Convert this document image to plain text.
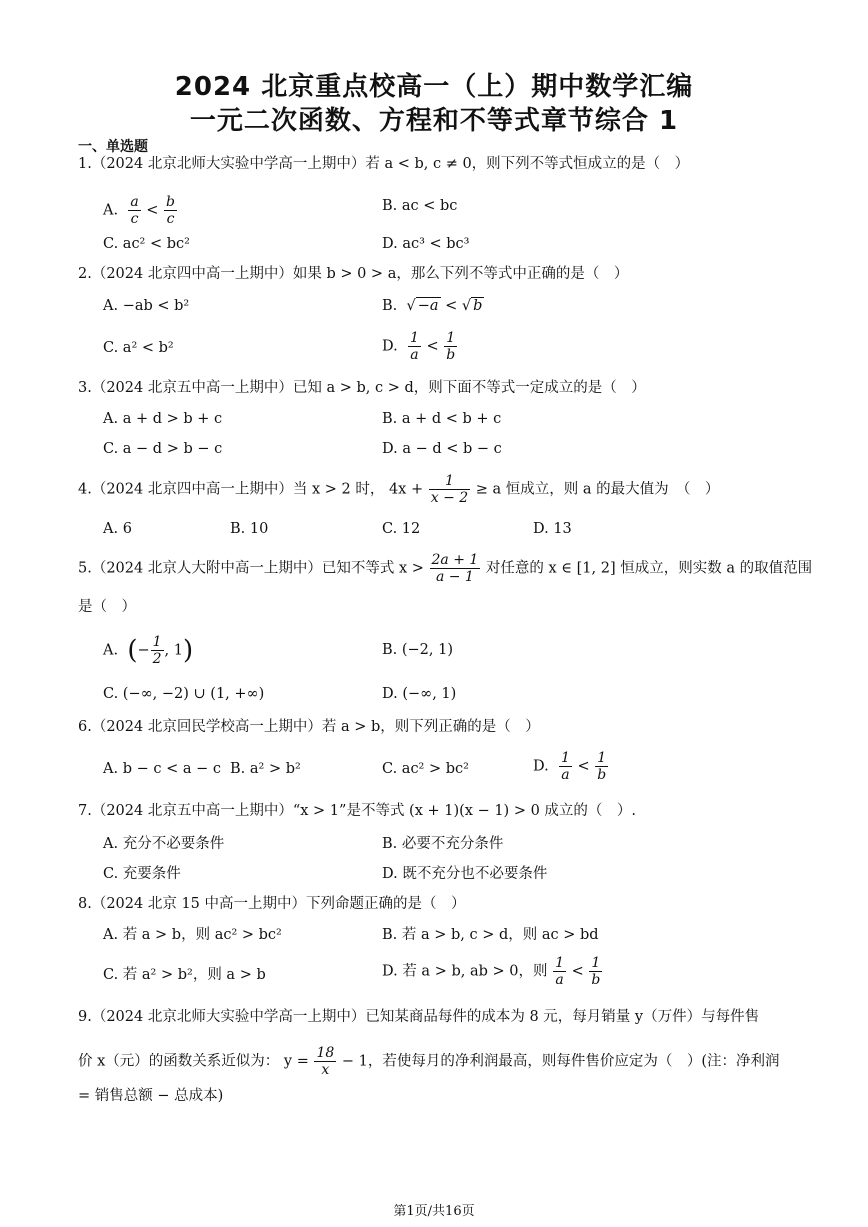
2024 北京重点校高一（上）期中数学汇编
一元二次函数、方程和不等式章节综合 1
一、单选题
1.（2024 北京北师大实验中学高一上期中）若 a < b, c ≠ 0，则下列不等式恒成立的是（　）
A. $\frac{a}{c} < \frac{b}{c}$	B. ac < bc
C. ac² < bc²	D. ac³ < bc³
2.（2024 北京四中高一上期中）如果 b > 0 > a，那么下列不等式中正确的是（　）
A. −ab < b²	B.  √ −a < √ b
C. a² < b²	D. $\frac{1}{a} < \frac{1}{b}$
3.（2024 北京五中高一上期中）已知 a > b, c > d，则下面不等式一定成立的是（　）
A. a + d > b + c	B. a + d < b + c
C. a − d > b − c	D. a − d < b − c
4.（2024 北京四中高一上期中）当 x > 2 时， $4x + \frac{1}{x - 2} \ge a$ 恒成立，则 a 的最大值为　（　）
A. 6	B. 10	C. 12	D. 13
5.（2024 北京人大附中高一上期中）已知不等式 $x > \frac{2a + 1}{a - 1}$ 对任意的 x ∈ [1, 2] 恒成立，则实数 a 的取值范围
是（　）
A. (− $\frac{1}{2}$ , 1)	B. (−2, 1)
C. (−∞, −2) ∪ (1, +∞)	D. (−∞, 1)
6.（2024 北京回民学校高一上期中）若 a > b，则下列正确的是（　）
A. b − c < a − c B. a² > b²	C. ac² > bc²	D. $\frac{1}{a} < \frac{1}{b}$
7.（2024 北京五中高一上期中）“x > 1”是不等式 (x + 1)(x − 1) > 0 成立的（　）.
A. 充分不必要条件	B. 必要不充分条件
C. 充要条件	D. 既不充分也不必要条件
8.（2024 北京 15 中高一上期中）下列命题正确的是（　）
A. 若 a > b，则 ac² > bc²	B. 若 a > b, c > d，则 ac > bd
C. 若 a² > b²，则 a > b	D. 若 a > b, ab > 0，则 $\frac{1}{a} < \frac{1}{b}$
9.（2024 北京北师大实验中学高一上期中）已知某商品每件的成本为 8 元，每月销量 y（万件）与每件售
价 x（元）的函数关系近似为： $y = \frac{18}{x} - 1$，若使每月的净利润最高，则每件售价应定为（　）(注：净利润
= 销售总额 − 总成本)
第1页/共16页
